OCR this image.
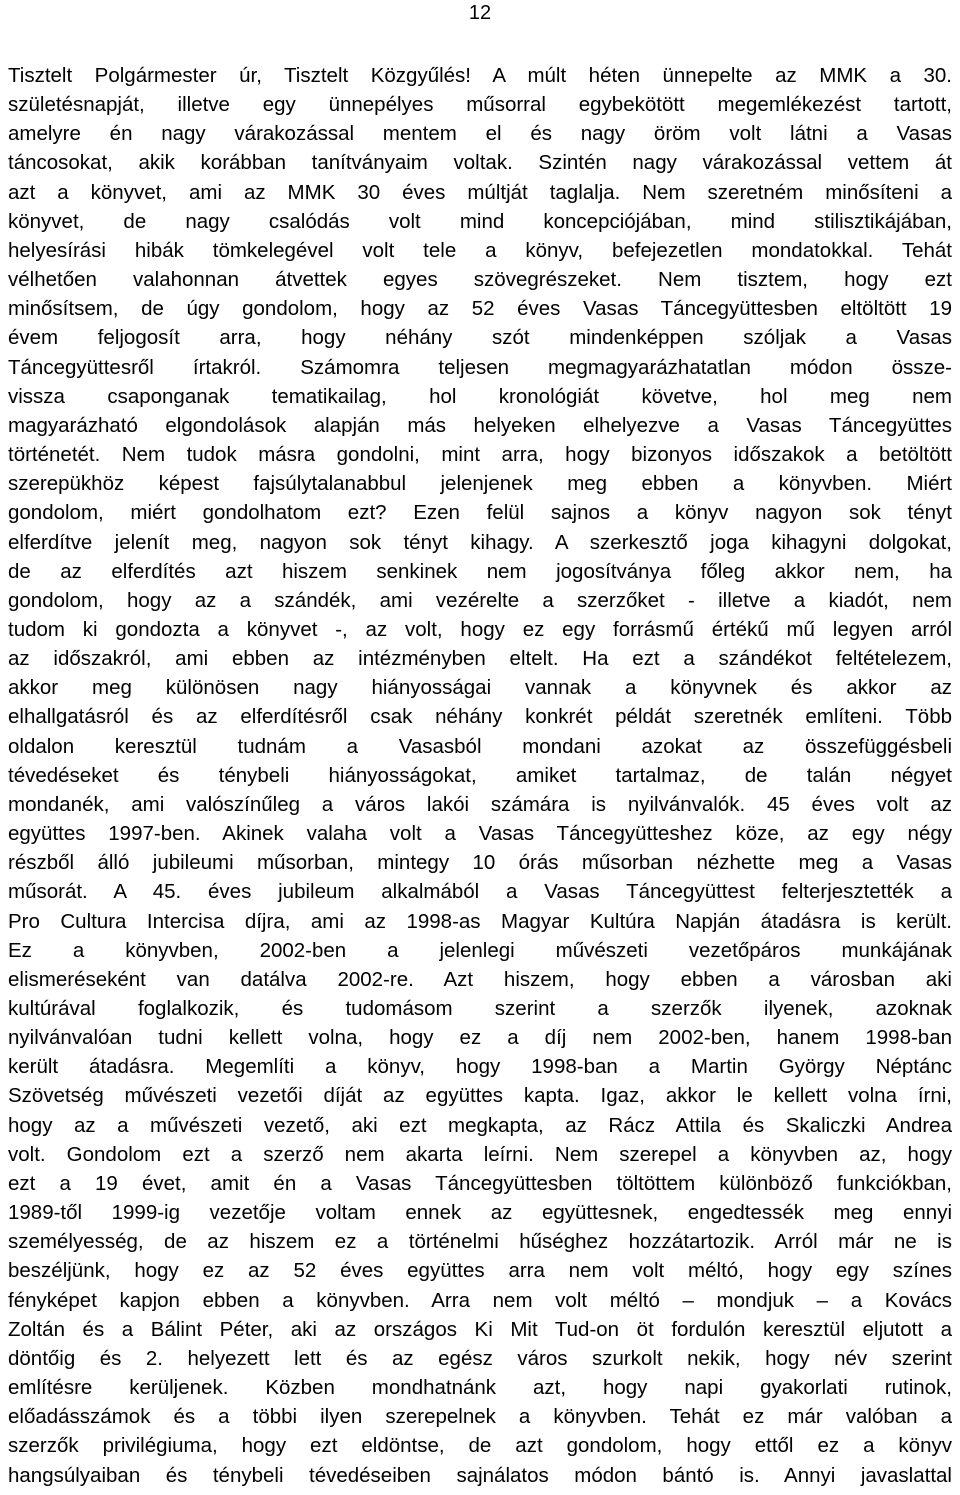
12
Tisztelt Polgármester úr, Tisztelt Közgyűlés! A múlt héten ünnepelte az MMK a 30.
születésnapját, illetve egy ünnepélyes műsorral egybekötött megemlékezést tartott,
amelyre én nagy várakozással mentem el és nagy öröm volt látni a Vasas
táncosokat, akik korábban tanítványaim voltak. Szintén nagy várakozással vettem át
azt a könyvet, ami az MMK 30 éves múltját taglalja. Nem szeretném minősíteni a
könyvet, de nagy csalódás volt mind koncepciójában, mind stilisztikájában,
helyesírási hibák tömkelegével volt tele a könyv, befejezetlen mondatokkal. Tehát
vélhetően valahonnan átvettek egyes szövegrészeket. Nem tisztem, hogy ezt
minősítsem, de úgy gondolom, hogy az 52 éves Vasas Táncegyüttesben eltöltött 19
évem feljogosít arra, hogy néhány szót mindenképpen szóljak a Vasas
Táncegyüttesről írtakról. Számomra teljesen megmagyarázhatatlan módon össze-
vissza csaponganak tematikailag, hol kronológiát követve, hol meg nem
magyarázható elgondolások alapján más helyeken elhelyezve a Vasas Táncegyüttes
történetét. Nem tudok másra gondolni, mint arra, hogy bizonyos időszakok a betöltött
szerepükhöz képest fajsúlytalanabbul jelenjenek meg ebben a könyvben. Miért
gondolom, miért gondolhatom ezt? Ezen felül sajnos a könyv nagyon sok tényt
elferdítve jelenít meg, nagyon sok tényt kihagy. A szerkesztő joga kihagyni dolgokat,
de az elferdítés azt hiszem senkinek nem jogosítványa főleg akkor nem, ha
gondolom, hogy az a szándék, ami vezérelte a szerzőket - illetve a kiadót, nem
tudom ki gondozta a könyvet -, az volt, hogy ez egy forrásmű értékű mű legyen arról
az időszakról, ami ebben az intézményben eltelt. Ha ezt a szándékot feltételezem,
akkor meg különösen nagy hiányosságai vannak a könyvnek és akkor az
elhallgatásról és az elferdítésről csak néhány konkrét példát szeretnék említeni. Több
oldalon keresztül tudnám a Vasasból mondani azokat az összefüggésbeli
tévedéseket és ténybeli hiányosságokat, amiket tartalmaz, de talán négyet
mondanék, ami valószínűleg a város lakói számára is nyilvánvalók. 45 éves volt az
együttes 1997-ben. Akinek valaha volt a Vasas Táncegyütteshez köze, az egy négy
részből álló jubileumi műsorban, mintegy 10 órás műsorban nézhette meg a Vasas
műsorát. A 45. éves jubileum alkalmából a Vasas Táncegyüttest felterjesztették a
Pro Cultura Intercisa díjra, ami az 1998-as Magyar Kultúra Napján átadásra is került.
Ez a könyvben, 2002-ben a jelenlegi művészeti vezetőpáros munkájának
elismeréseként van datálva 2002-re. Azt hiszem, hogy ebben a városban aki
kultúrával foglalkozik, és tudomásom szerint a szerzők ilyenek, azoknak
nyilvánvalóan tudni kellett volna, hogy ez a díj nem 2002-ben, hanem 1998-ban
került átadásra. Megemlíti a könyv, hogy 1998-ban a Martin György Néptánc
Szövetség művészeti vezetői díját az együttes kapta. Igaz, akkor le kellett volna írni,
hogy az a művészeti vezető, aki ezt megkapta, az Rácz Attila és Skaliczki Andrea
volt. Gondolom ezt a szerző nem akarta leírni. Nem szerepel a könyvben az, hogy
ezt a 19 évet, amit én a Vasas Táncegyüttesben töltöttem különböző funkciókban,
1989-től 1999-ig vezetője voltam ennek az együttesnek, engedtessék meg ennyi
személyesség, de az hiszem ez a történelmi hűséghez hozzátartozik. Arról már ne is
beszéljünk, hogy ez az 52 éves együttes arra nem volt méltó, hogy egy színes
fényképet kapjon ebben a könyvben. Arra nem volt méltó – mondjuk – a Kovács
Zoltán és a Bálint Péter, aki az országos Ki Mit Tud-on öt fordulón keresztül eljutott a
döntőig és 2. helyezett lett és az egész város szurkolt nekik, hogy név szerint
említésre kerüljenek. Közben mondhatnánk azt, hogy napi gyakorlati rutinok,
előadásszámok és a többi ilyen szerepelnek a könyvben. Tehát ez már valóban a
szerzők privilégiuma, hogy ezt eldöntse, de azt gondolom, hogy ettől ez a könyv
hangsúlyaiban és ténybeli tévedéseiben sajnálatos módon bántó is. Annyi javaslattal
